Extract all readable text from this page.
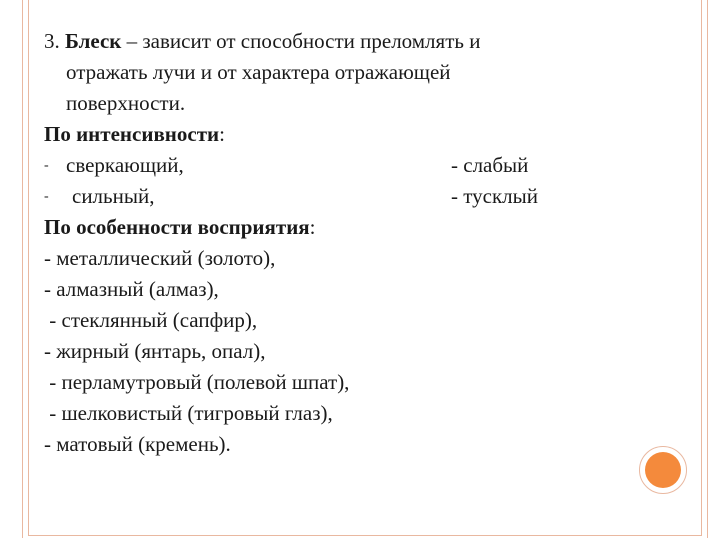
3. Блеск – зависит от способности преломлять и
отражать лучи и от характера отражающей
поверхности.
По интенсивности:
- сверкающий,	- слабый
- сильный,	- тусклый
По особенности восприятия:
- металлический (золото),
- алмазный (алмаз),
- стеклянный (сапфир),
- жирный (янтарь, опал),
- перламутровый (полевой шпат),
- шелковистый (тигровый глаз),
- матовый (кремень).
